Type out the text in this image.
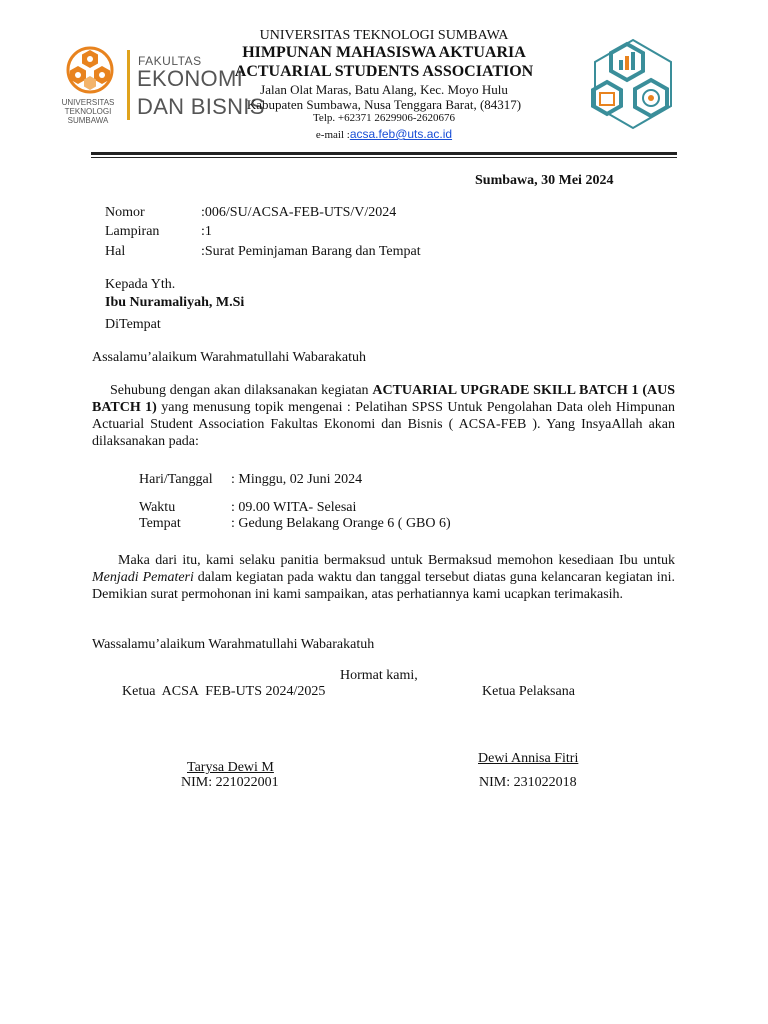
UNIVERSITAS
TEKNOLOGI
SUMBAWA
FAKULTAS
EKONOMI
DAN BISNIS
UNIVERSITAS TEKNOLOGI SUMBAWA
HIMPUNAN MAHASISWA AKTUARIA
ACTUARIAL STUDENTS ASSOCIATION
Jalan Olat Maras, Batu Alang, Kec. Moyo Hulu
Kabupaten Sumbawa, Nusa Tenggara Barat, (84317)
Telp. +62371 2629906-2620676
e-mail :acsa.feb@uts.ac.id
Sumbawa, 30 Mei 2024
Nomor	:006/SU/ACSA-FEB-UTS/V/2024
Lampiran	:1
Hal	:Surat Peminjaman Barang dan Tempat
Kepada Yth.
Ibu Nuramaliyah, M.Si
DiTempat
Assalamu’alaikum Warahmatullahi Wabarakatuh
Sehubung dengan akan dilaksanakan kegiatan ACTUARIAL UPGRADE SKILL BATCH 1 (AUS BATCH 1) yang menusung topik mengenai : Pelatihan SPSS Untuk Pengolahan Data oleh Himpunan Actuarial Student Association Fakultas Ekonomi dan Bisnis ( ACSA-FEB ). Yang InsyaAllah akan dilaksanakan pada:
Hari/Tanggal : Minggu, 02 Juni 2024
Waktu	: 09.00 WITA- Selesai
Tempat	: Gedung Belakang Orange 6 ( GBO 6)
Maka dari itu, kami selaku panitia bermaksud untuk Bermaksud memohon kesediaan Ibu untuk Menjadi Pemateri dalam kegiatan pada waktu dan tanggal tersebut diatas guna kelancaran kegiatan ini. Demikian surat permohonan ini kami sampaikan, atas perhatiannya kami ucapkan terimakasih.
Wassalamu’alaikum Warahmatullahi Wabarakatuh
Hormat kami,
Ketua  ACSA  FEB-UTS 2024/2025	Ketua Pelaksana
Tarysa Dewi M
NIM: 221022001
Dewi Annisa Fitri
NIM: 231022018
